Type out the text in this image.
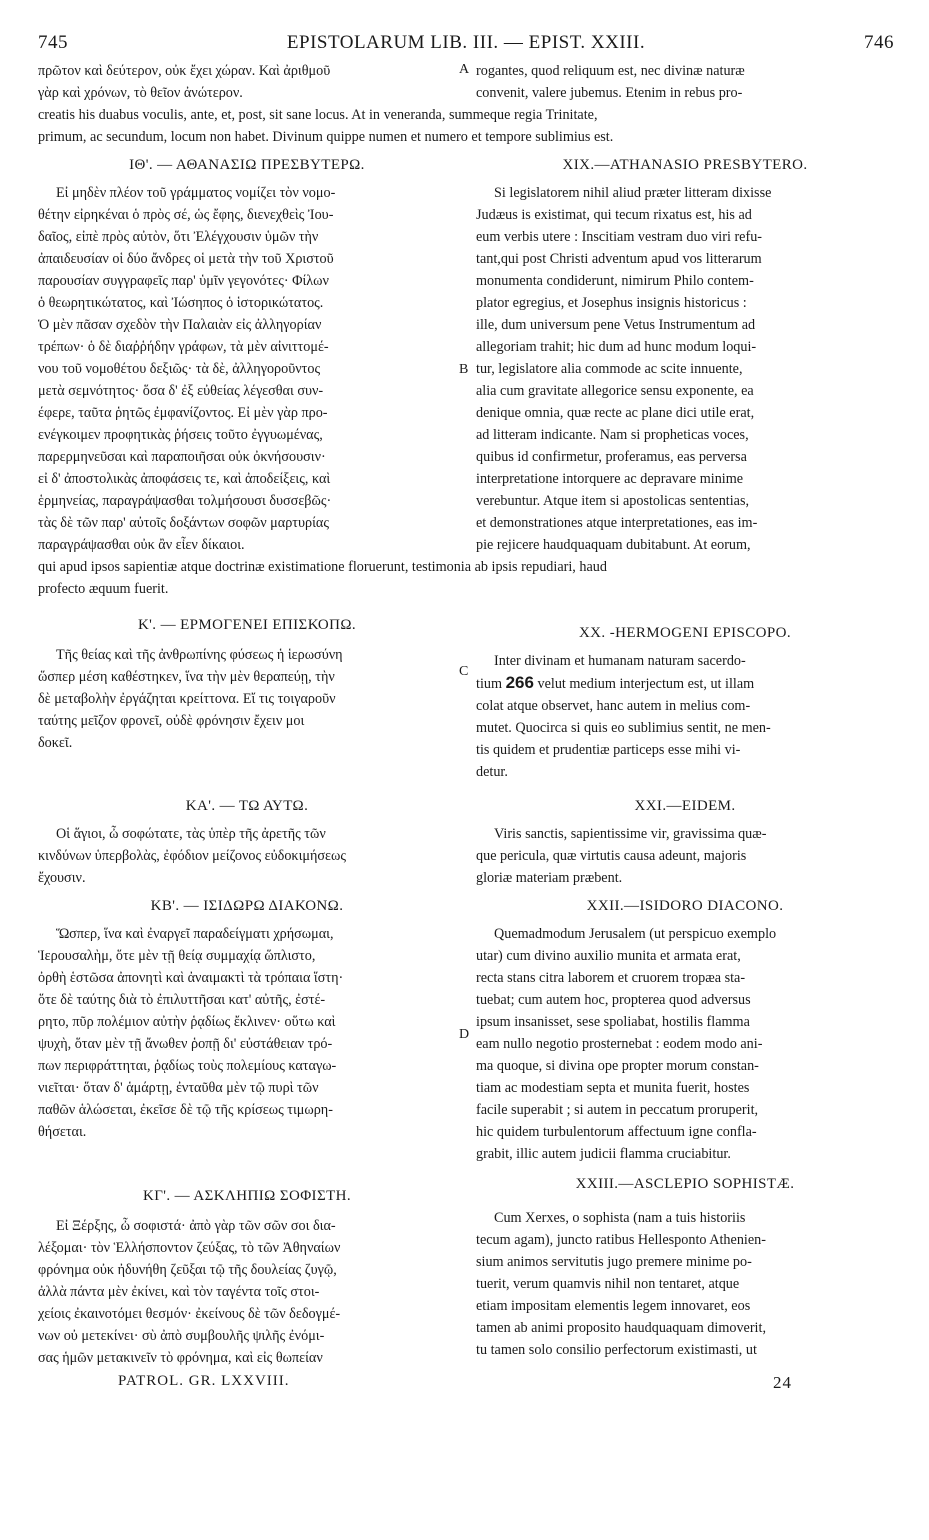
745	EPISTOLARUM LIB. III. — EPIST. XXIII.	746

πρῶτον καὶ δεύτερον, οὐκ ἔχει χώραν. Καὶ ἀριθμοῦ

γὰρ καὶ χρόνων, τὸ θεῖον ἀνώτερον.

A rogantes, quod reliquum est, nec divinæ naturæ

convenit, valere jubemus. Etenim in rebus pro-

creatis his duabus voculis, ante, et, post, sit sane locus. At in veneranda, summeque regia Trinitate,

primum, ac secundum, locum non habet. Divinum quippe numen et numero et tempore sublimius est.

ΙΘ'. — ΑΘΑΝΑΣΙΩ ΠΡΕΣΒΥΤΕΡΩ.

Εἰ μηδὲν πλέον τοῦ γράμματος νομίζει τὸν νομο-

θέτην εἰρηκέναι ὁ πρὸς σέ, ὡς ἔφης, διενεχθεὶς Ἰου-

δαῖος, εἰπὲ πρὸς αὐτὸν, ὅτι Ἐλέγχουσιν ὑμῶν τὴν

ἀπαιδευσίαν οἱ δύο ἄνδρες οἱ μετὰ τὴν τοῦ Χριστοῦ

παρουσίαν συγγραφεῖς παρ' ὑμῖν γεγονότες· Φίλων

ὁ θεωρητικώτατος, καὶ Ἰώσηπος ὁ ἱστορικώτατος.

Ὁ μὲν πᾶσαν σχεδὸν τὴν Παλαιὰν εἰς ἀλληγορίαν

τρέπων· ὁ δὲ διαῤῥήδην γράφων, τὰ μὲν αἰνιττομέ-

νου τοῦ νομοθέτου δεξιῶς· τὰ δὲ, ἀλληγοροῦντος

μετὰ σεμνότητος· ὅσα δ' ἐξ εὐθείας λέγεσθαι συν-

έφερε, ταῦτα ῥητῶς ἐμφανίζοντος. Εἰ μὲν γὰρ προ-

ενέγκοιμεν προφητικὰς ῥήσεις τοῦτο ἐγγυωμένας,

παρερμηνεῦσαι καὶ παραποιῆσαι οὐκ ὀκνήσουσιν·

εἰ δ' ἀποστολικὰς ἀποφάσεις τε, καὶ ἀποδείξεις, καὶ

ἑρμηνείας, παραγράψασθαι τολμήσουσι δυσσεβῶς·

τὰς δὲ τῶν παρ' αὐτοῖς δοξάντων σοφῶν μαρτυρίας

παραγράψασθαι οὐκ ἂν εἶεν δίκαιοι.

B

XIX.—ATHANASIO PRESBYTERO.

Si legislatorem nihil aliud præter litteram dixisse

Judæus is existimat, qui tecum rixatus est, his ad

eum verbis utere : Inscitiam vestram duo viri refu-

tant,qui post Christi adventum apud vos litterarum

monumenta condiderunt, nimirum Philo contem-

plator egregius, et Josephus insignis historicus :

ille, dum universum pene Vetus Instrumentum ad

allegoriam trahit; hic dum ad hunc modum loqui-

tur, legislatore alia commode ac scite innuente,

alia cum gravitate allegorice sensu exponente, ea

denique omnia, quæ recte ac plane dici utile erat,

ad litteram indicante. Nam si propheticas voces,

quibus id confirmetur, proferamus, eas perversa

interpretatione intorquere ac depravare minime

verebuntur. Atque item si apostolicas sententias,

et demonstrationes atque interpretationes, eas im-

pie rejicere haudquaquam dubitabunt. At eorum,

qui apud ipsos sapientiæ atque doctrinæ existimatione floruerunt, testimonia ab ipsis repudiari, haud

profecto æquum fuerit.

Κ'. — ΕΡΜΟΓΕΝΕΙ ΕΠΙΣΚΟΠΩ.

Τῆς θείας καὶ τῆς ἀνθρωπίνης φύσεως ἡ ἱερωσύνη

ὥσπερ μέση καθέστηκεν, ἵνα τὴν μὲν θεραπεύῃ, τὴν

δὲ μεταβολὴν ἐργάζηται κρείττονα. Εἴ τις τοιγαροῦν

ταύτης μεῖζον φρονεῖ, οὐδὲ φρόνησιν ἔχειν μοι

δοκεῖ.

C

XX. -HERMOGENI EPISCOPO.

Inter divinam et humanam naturam sacerdo-

tium 266 velut medium interjectum est, ut illam

colat atque observet, hanc autem in melius com-

mutet. Quocirca si quis eo sublimius sentit, ne men-

tis quidem et prudentiæ particeps esse mihi vi-

detur.

ΚΑ'. — ΤΩ ΑΥΤΩ.

Οἱ ἅγιοι, ὦ σοφώτατε, τὰς ὑπὲρ τῆς ἀρετῆς τῶν

κινδύνων ὑπερβολὰς, ἐφόδιον μείζονος εὐδοκιμήσεως

ἔχουσιν.

XXI.—EIDEM.

Viris sanctis, sapientissime vir, gravissima quæ-

que pericula, quæ virtutis causa adeunt, majoris

gloriæ materiam præbent.

ΚΒ'. — ΙΣΙΔΩΡΩ ΔΙΑΚΟΝΩ.

Ὥσπερ, ἵνα καὶ ἐναργεῖ παραδείγματι χρήσωμαι,

Ἱερουσαλὴμ, ὅτε μὲν τῇ θείᾳ συμμαχίᾳ ὥπλιστο,

ὀρθὴ ἑστῶσα ἀπονητὶ καὶ ἀναιμακτὶ τὰ τρόπαια ἵστη·

ὅτε δὲ ταύτης διὰ τὸ ἐπιλυττῆσαι κατ' αὐτῆς, ἐστέ-

ρητο, πῦρ πολέμιον αὐτὴν ῥᾳδίως ἔκλινεν· οὕτω καὶ

ψυχὴ, ὅταν μὲν τῇ ἄνωθεν ῥοπῇ δι' εὐστάθειαν τρό-

πων περιφράττηται, ῥᾳδίως τοὺς πολεμίους καταγω-

νιεῖται· ὅταν δ' ἁμάρτῃ, ἐνταῦθα μὲν τῷ πυρὶ τῶν

παθῶν ἁλώσεται, ἐκεῖσε δὲ τῷ τῆς κρίσεως τιμωρη-

θήσεται.

D

XXII.—ISIDORO DIACONO.

Quemadmodum Jerusalem (ut perspicuo exemplo

utar) cum divino auxilio munita et armata erat,

recta stans citra laborem et cruorem tropæa sta-

tuebat; cum autem hoc, propterea quod adversus

ipsum insanisset, sese spoliabat, hostilis flamma

eam nullo negotio prosternebat : eodem modo ani-

ma quoque, si divina ope propter morum constan-

tiam ac modestiam septa et munita fuerit, hostes

facile superabit ; si autem in peccatum proruperit,

hic quidem turbulentorum affectuum igne confla-

grabit, illic autem judicii flamma cruciabitur.

ΚΓ'. — ΑΣΚΛΗΠΙΩ ΣΟΦΙΣΤΗ.

Εἰ Ξέρξης, ὦ σοφιστά· ἀπὸ γὰρ τῶν σῶν σοι δια-

λέξομαι· τὸν Ἑλλήσποντον ζεύξας, τὸ τῶν Ἀθηναίων

φρόνημα οὐκ ἠδυνήθη ζεῦξαι τῷ τῆς δουλείας ζυγῷ,

ἀλλὰ πάντα μὲν ἐκίνει, καὶ τὸν ταγέντα τοῖς στοι-

χείοις ἐκαινοτόμει θεσμόν· ἐκείνους δὲ τῶν δεδογμέ-

νων οὐ μετεκίνει· σὺ ἀπὸ συμβουλῆς ψιλῆς ἐνόμι-

σας ἡμῶν μετακινεῖν τὸ φρόνημα, καὶ εἰς θωπείαν

XXIII.—ASCLEPIO SOPHISTÆ.

Cum Xerxes, o sophista (nam a tuis historiis

tecum agam), juncto ratibus Hellesponto Athenien-

sium animos servitutis jugo premere minime po-

tuerit, verum quamvis nihil non tentaret, atque

etiam impositam elementis legem innovaret, eos

tamen ab animi proposito haudquaquam dimoverit,

tu tamen solo consilio perfectorum existimasti, ut

PATROL. GR. LXXVIII.	24
